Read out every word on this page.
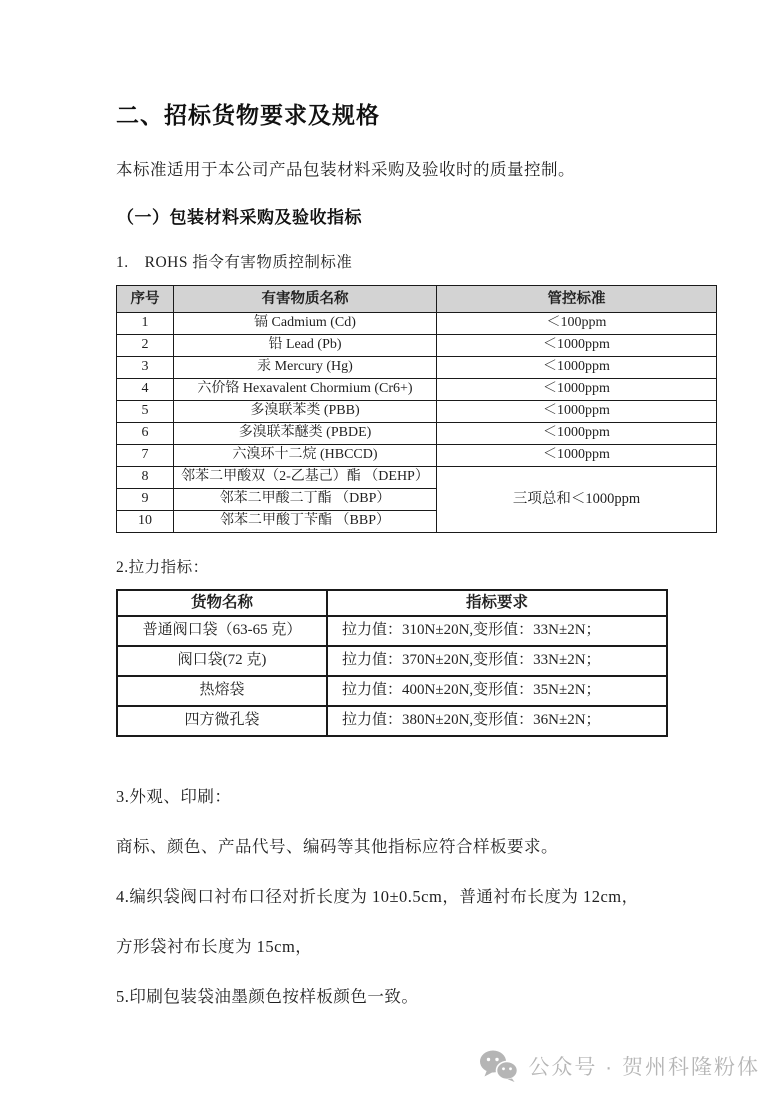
二、招标货物要求及规格

本标准适用于本公司产品包装材料采购及验收时的质量控制。

（一）包装材料采购及验收指标

1.　ROHS 指令有害物质控制标准

序号	有害物质名称	管控标准
1	镉 Cadmium (Cd)	＜100ppm
2	铅 Lead (Pb)	＜1000ppm
3	汞 Mercury (Hg)	＜1000ppm
4	六价铬 Hexavalent Chormium (Cr6+)	＜1000ppm
5	多溴联苯类 (PBB)	＜1000ppm
6	多溴联苯醚类 (PBDE)	＜1000ppm
7	六溴环十二烷 (HBCCD)	＜1000ppm
8	邻苯二甲酸双（2-乙基己）酯 （DEHP）	三项总和＜1000ppm
9	邻苯二甲酸二丁酯 （DBP）	
10	邻苯二甲酸丁苄酯 （BBP）	

2.拉力指标：

货物名称	指标要求
普通阀口袋（63-65 克）	拉力值：310N±20N,变形值：33N±2N；
阀口袋(72 克)	拉力值：370N±20N,变形值：33N±2N；
热熔袋	拉力值：400N±20N,变形值：35N±2N；
四方微孔袋	拉力值：380N±20N,变形值：36N±2N；

3.外观、印刷：

商标、颜色、产品代号、编码等其他指标应符合样板要求。

4.编织袋阀口衬布口径对折长度为 10±0.5cm，普通衬布长度为 12cm，

方形袋衬布长度为 15cm，

5.印刷包装袋油墨颜色按样板颜色一致。

公众号 · 贺州科隆粉体
